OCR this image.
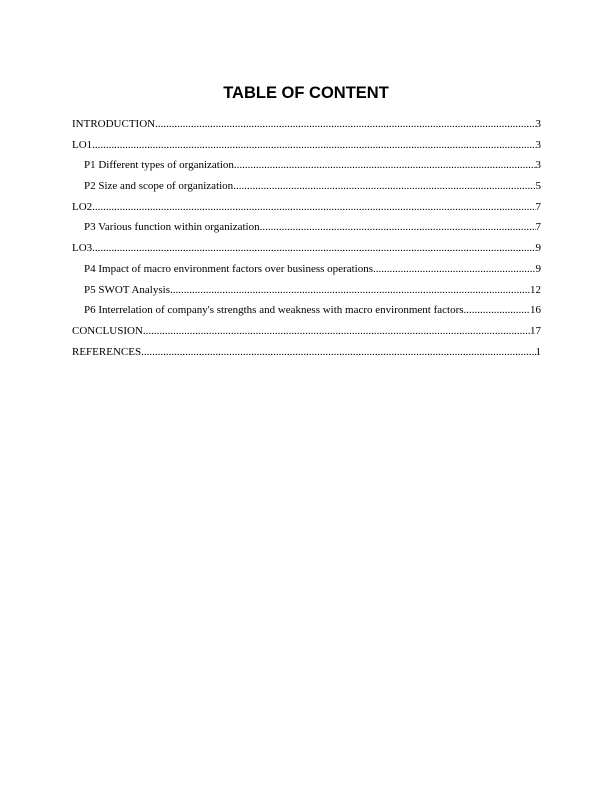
TABLE OF CONTENT
INTRODUCTION .....	3
LO1 .....	3
P1 Different types of organization .....	3
P2 Size and scope of organization .....	5
LO2 .....	7
P3 Various function within organization .....	7
LO3 .....	9
P4 Impact of macro environment factors over business operations .....	9
P5 SWOT Analysis .....	12
P6 Interrelation of company's strengths and weakness with macro environment factors .....	16
CONCLUSION .....	17
REFERENCES .....	1
